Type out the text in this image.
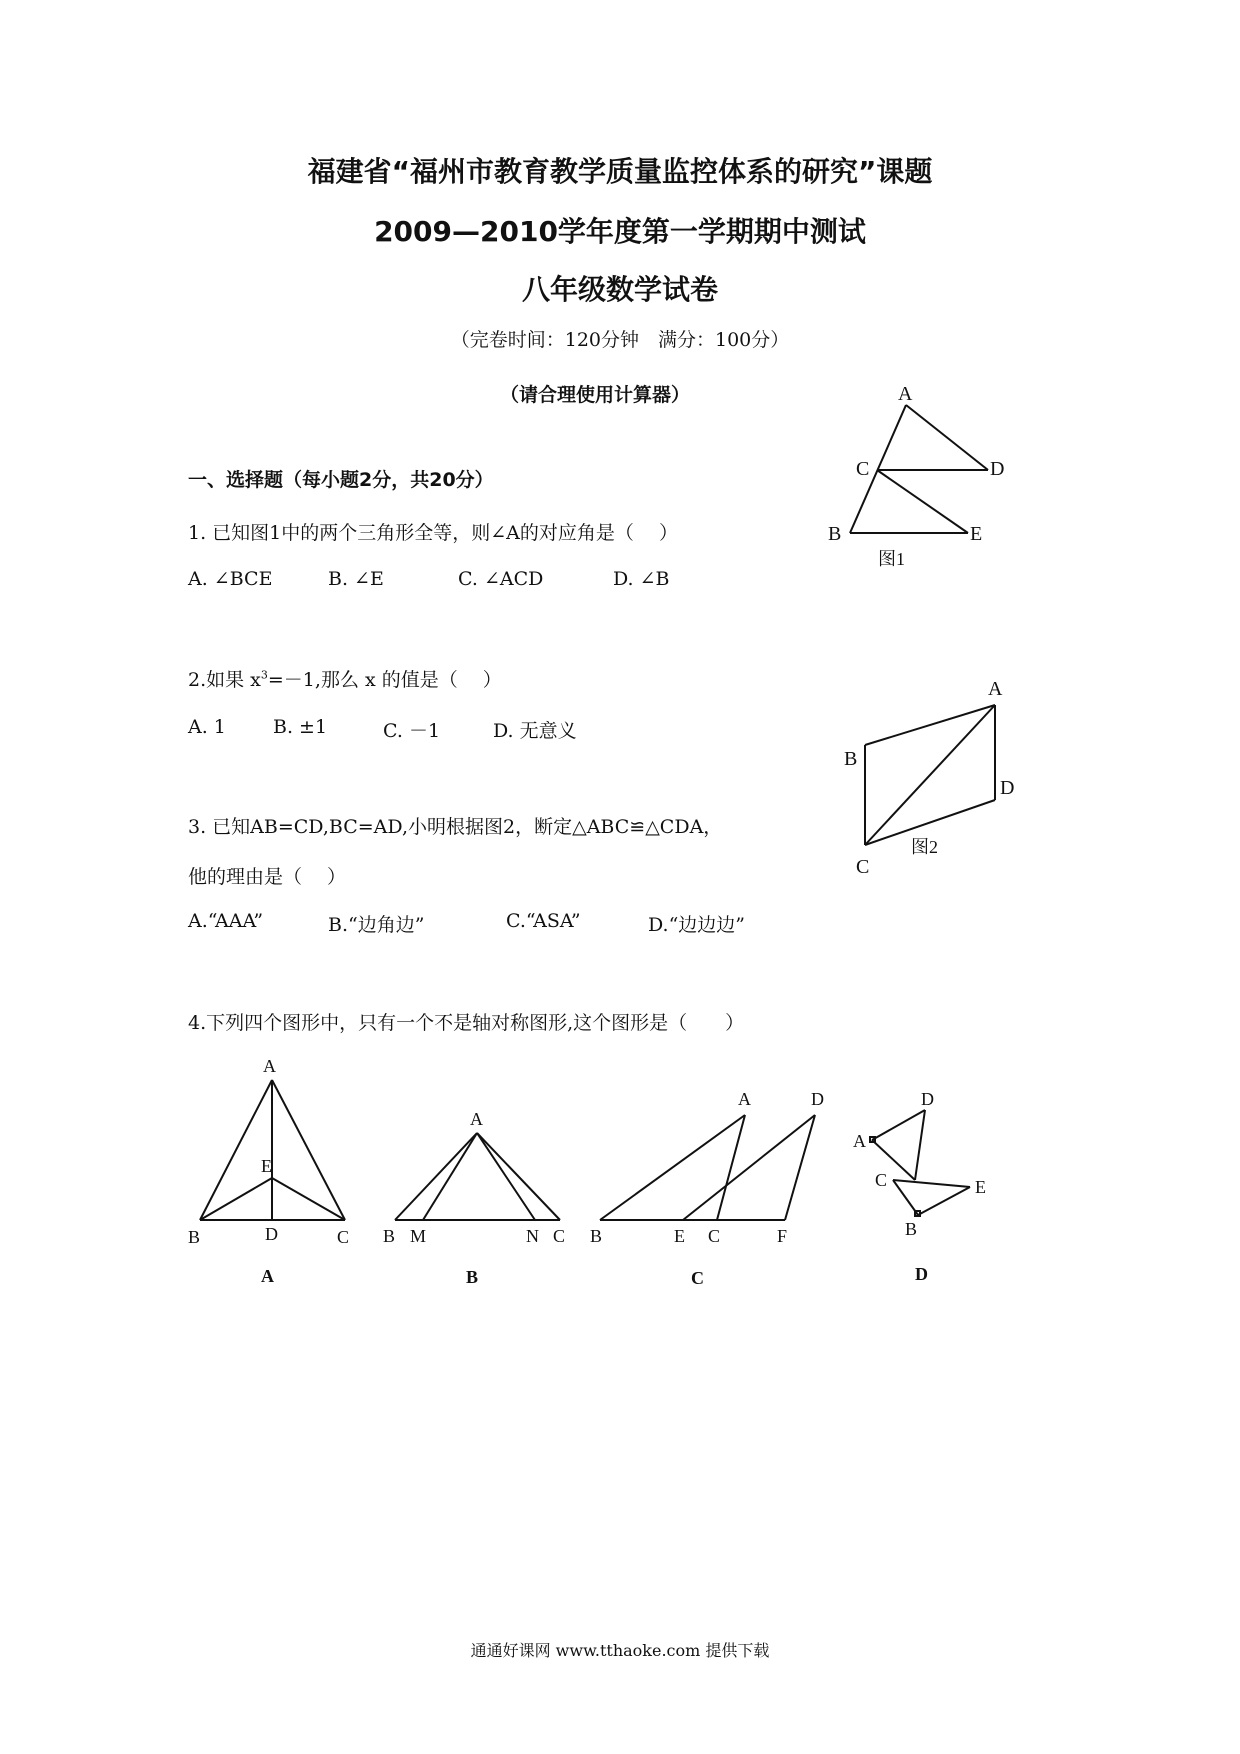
福建省“福州市教育教学质量监控体系的研究”课题
2009—2010学年度第一学期期中测试
八年级数学试卷
（完卷时间：120分钟　满分：100分）
（请合理使用计算器）
一、选择题（每小题2分，共20分）
1. 已知图1中的两个三角形全等，则∠A的对应角是（　 ）
A. ∠BCE	B. ∠E	C. ∠ACD	D. ∠B
2.如果 $x^3=-1$,那么 x 的值是（　 ）
A. 1 B. ±1	C. －1	D. 无意义
3. 已知AB=CD,BC=AD,小明根据图2，断定△ABC≌△CDA，
他的理由是（　 ）
A.“AAA”	B.“边角边”	C.“ASA”	D.“边边边”
4.下列四个图形中，只有一个不是轴对称图形,这个图形是（　　）
A
D
C
B	E
图1
A
B
D
C
图2
A
E
B	D	C
A
A
B M	N C
B
A	D
B	E C	F
C
D
A
C	E
B
D
通通好课网 www.tthaoke.com 提供下载
